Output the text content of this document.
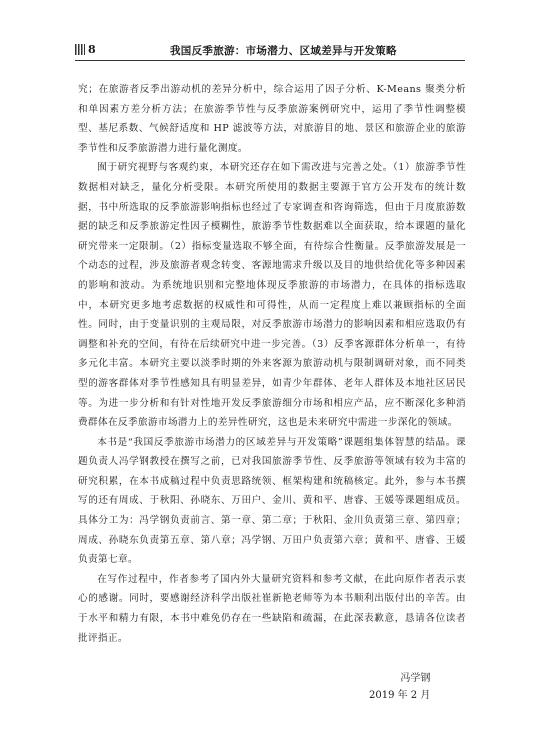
8	我国反季旅游：市场潜力、区域差异与开发策略

究；在旅游者反季出游动机的差异分析中，综合运用了因子分析、K-Means 聚类分析和单因素方差分析方法；在旅游季节性与反季旅游案例研究中，运用了季节性调整模型、基尼系数、气候舒适度和 HP 滤波等方法，对旅游目的地、景区和旅游企业的旅游季节性和反季旅游潜力进行量化测度。

囿于研究视野与客观约束，本研究还存在如下需改进与完善之处。（1）旅游季节性数据相对缺乏，量化分析受限。本研究所使用的数据主要源于官方公开发布的统计数据，书中所选取的反季旅游影响指标也经过了专家调查和咨询筛选，但由于月度旅游数据的缺乏和反季旅游定性因子模糊性，旅游季节性数据难以全面获取，给本课题的量化研究带来一定限制。（2）指标变量选取不够全面，有待综合性衡量。反季旅游发展是一个动态的过程，涉及旅游者观念转变、客源地需求升级以及目的地供给优化等多种因素的影响和波动。为系统地识别和完整地体现反季旅游的市场潜力，在具体的指标选取中，本研究更多地考虑数据的权威性和可得性，从而一定程度上难以兼顾指标的全面性。同时，由于变量识别的主观局限，对反季旅游市场潜力的影响因素和相应选取仍有调整和补充的空间，有待在后续研究中进一步完善。（3）反季客源群体分析单一，有待多元化丰富。本研究主要以淡季时期的外来客源为旅游动机与限制调研对象，而不同类型的游客群体对季节性感知具有明显差异，如青少年群体、老年人群体及本地社区居民等。为进一步分析和有针对性地开发反季旅游细分市场和相应产品，应不断深化多种消费群体在反季旅游市场潜力上的差异性研究，这也是未来研究中需进一步深化的领域。

本书是“我国反季旅游市场潜力的区域差异与开发策略”课题组集体智慧的结晶。课题负责人冯学钢教授在撰写之前，已对我国旅游季节性、反季旅游等领域有较为丰富的研究积累，在本书成稿过程中负责思路统领、框架构建和统稿核定。此外，参与本书撰写的还有周成、于秋阳、孙晓东、万田户、金川、黄和平、唐睿、王媛等课题组成员。具体分工为：冯学钢负责前言、第一章、第二章；于秋阳、金川负责第三章、第四章；周成、孙晓东负责第五章、第八章；冯学钢、万田户负责第六章；黄和平、唐睿、王媛负责第七章。

在写作过程中，作者参考了国内外大量研究资料和参考文献，在此向原作者表示衷心的感谢。同时，要感谢经济科学出版社崔新艳老师等为本书顺利出版付出的辛苦。由于水平和精力有限，本书中难免仍存在一些缺陷和疏漏，在此深表歉意，恳请各位读者批评指正。

冯学钢
2019 年 2 月
